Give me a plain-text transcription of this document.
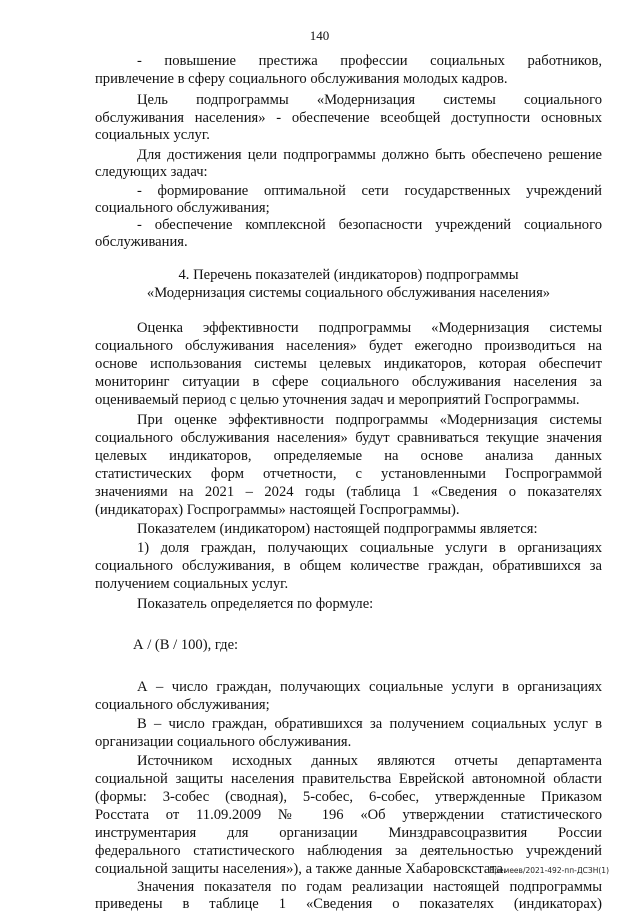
140
- повышение престижа профессии социальных работников,
привлечение в сферу социального обслуживания молодых кадров.
Цель подпрограммы «Модернизация системы социального
обслуживания населения» - обеспечение всеобщей доступности основных
социальных услуг.
Для достижения цели подпрограммы должно быть обеспечено решение
следующих задач:
- формирование оптимальной сети государственных учреждений
социального обслуживания;
- обеспечение комплексной безопасности учреждений социального
обслуживания.
4. Перечень показателей (индикаторов) подпрограммы
«Модернизация системы социального обслуживания населения»
Оценка эффективности подпрограммы «Модернизация системы
социального обслуживания населения» будет ежегодно производиться на
основе использования системы целевых индикаторов, которая обеспечит
мониторинг ситуации в сфере социального обслуживания населения за
оцениваемый период с целью уточнения задач и мероприятий Госпрограммы.
При оценке эффективности подпрограммы «Модернизация системы
социального обслуживания населения» будут сравниваться текущие значения
целевых индикаторов, определяемые на основе анализа данных
статистических форм отчетности, с установленными Госпрограммой
значениями на 2021 – 2024 годы (таблица 1 «Сведения о показателях
(индикаторах) Госпрограммы» настоящей Госпрограммы).
Показателем (индикатором) настоящей подпрограммы является:
1) доля граждан, получающих социальные услуги в организациях
социального обслуживания, в общем количестве граждан, обратившихся за
получением социальных услуг.
Показатель определяется по формуле:
А / (В / 100), где:
А – число граждан, получающих социальные услуги в организациях
социального обслуживания;
В – число граждан, обратившихся за получением социальных услуг в
организации социального обслуживания.
Источником исходных данных являются отчеты департамента
социальной защиты населения правительства Еврейской автономной области
(формы: 3-собес (сводная), 5-собес, 6-собес, утвержденные Приказом
Росстата от 11.09.2009 № 196 «Об утверждении статистического
инструментария для организации Минздравсоцразвития России
федерального статистического наблюдения за деятельностью учреждений
социальной защиты населения»), а также данные Хабаровскстата.
Значения показателя по годам реализации настоящей подпрограммы
приведены в таблице 1 «Сведения о показателях (индикаторах)
Еремеев/2021-492-пп-ДСЗН(1)
